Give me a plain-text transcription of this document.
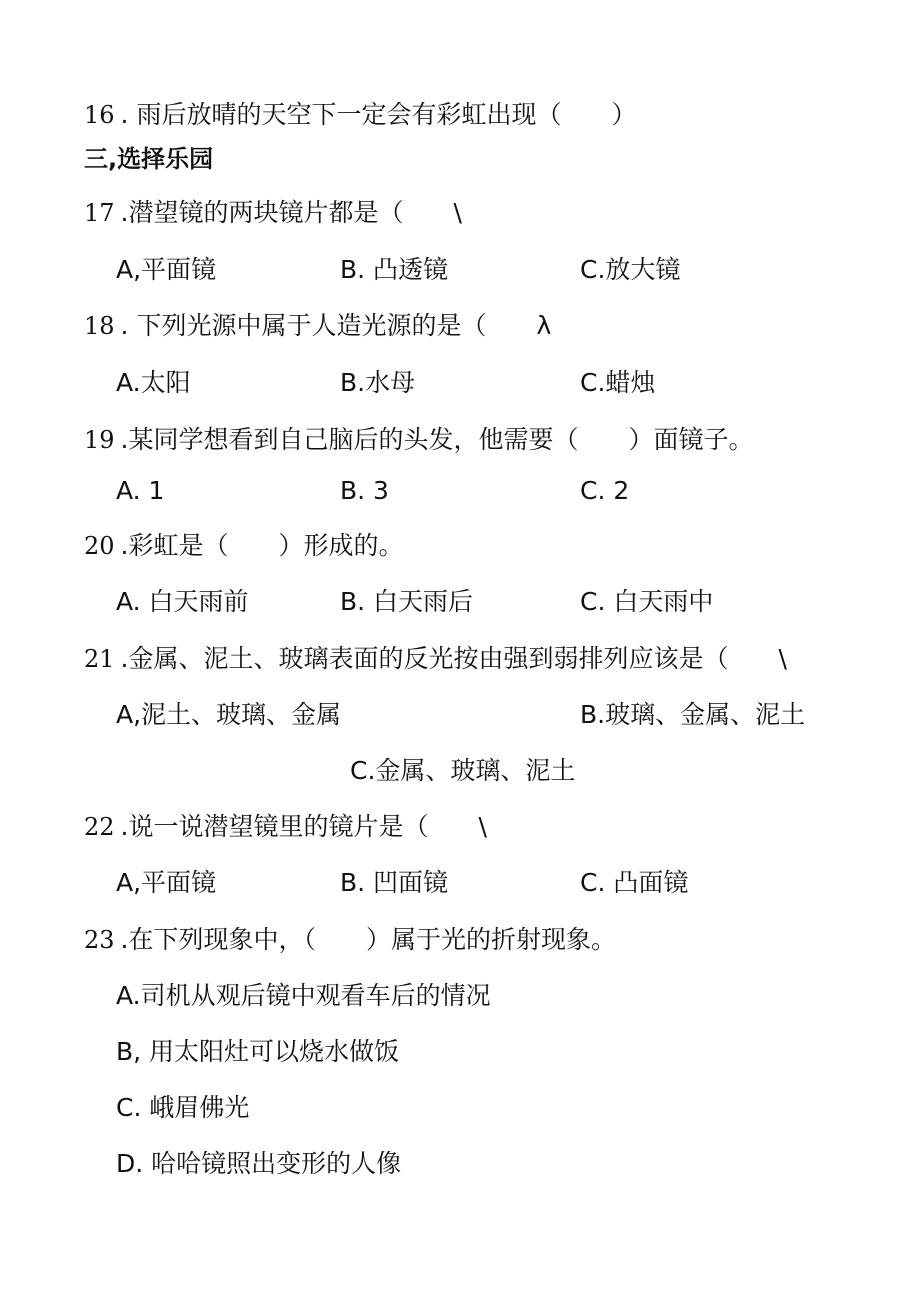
16 . 雨后放晴的天空下一定会有彩虹出现（　　）
三,选择乐园
17 .潜望镜的两块镜片都是（　　\
A,平面镜	B. 凸透镜	C.放大镜
18 . 下列光源中属于人造光源的是（　　λ
A.太阳	B.水母	C.蜡烛
19 .某同学想看到自己脑后的头发，他需要（　　）面镜子。
A. 1	B. 3	C. 2
20 .彩虹是（　　）形成的。
A. 白天雨前	B. 白天雨后	C. 白天雨中
21 .金属、泥土、玻璃表面的反光按由强到弱排列应该是（　　\
A,泥土、玻璃、金属	B.玻璃、金属、泥土
C.金属、玻璃、泥土
22 .说一说潜望镜里的镜片是（　　\
A,平面镜	B. 凹面镜	C. 凸面镜
23 .在下列现象中，（　　）属于光的折射现象。
A.司机从观后镜中观看车后的情况
B, 用太阳灶可以烧水做饭
C. 峨眉佛光
D. 哈哈镜照出变形的人像
